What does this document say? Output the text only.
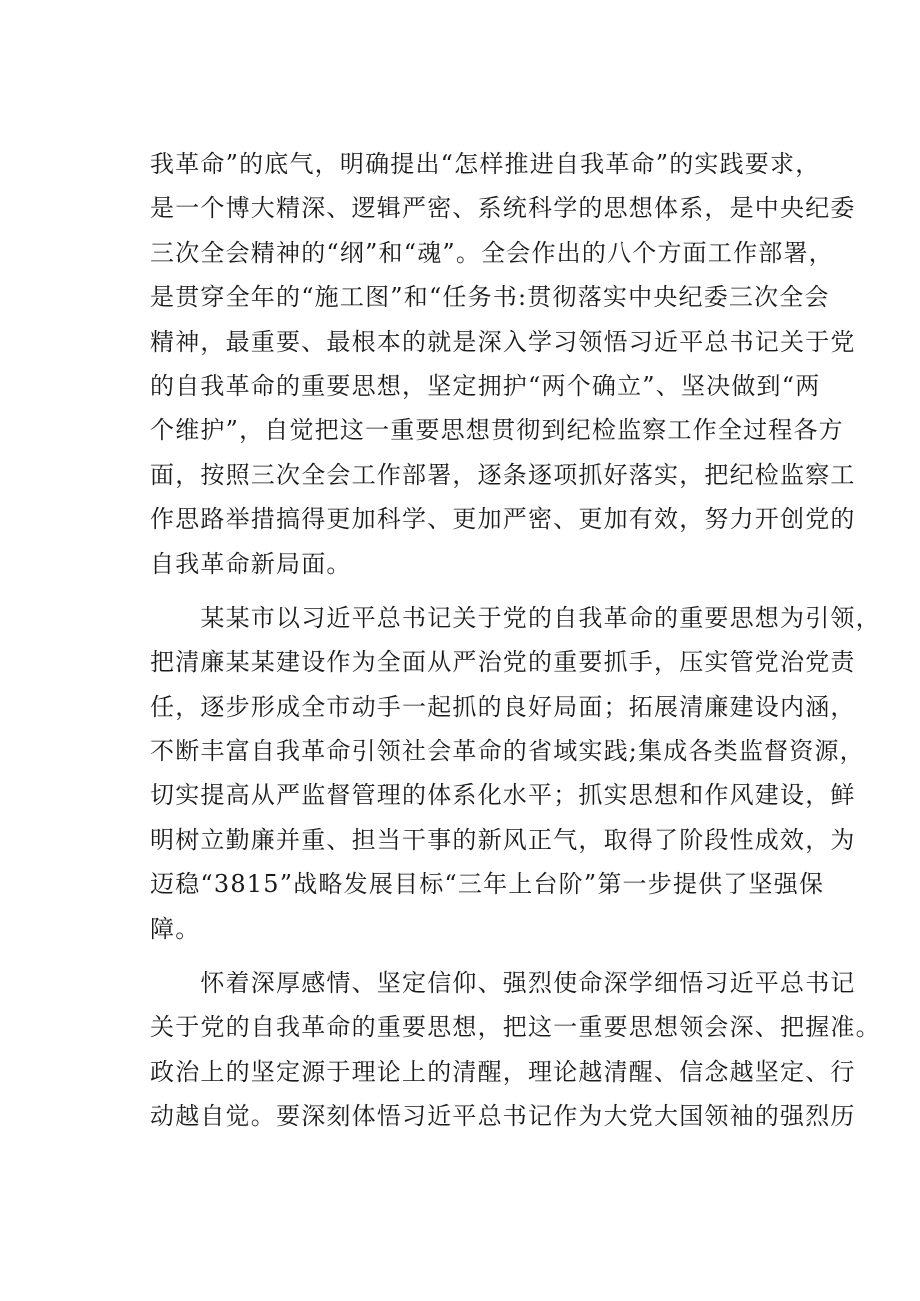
我革命”的底气，明确提出“怎样推进自我革命”的实践要求，
是一个博大精深、逻辑严密、系统科学的思想体系，是中央纪委
三次全会精神的“纲”和“魂”。全会作出的八个方面工作部署，
是贯穿全年的“施工图”和“任务书:贯彻落实中央纪委三次全会
精神，最重要、最根本的就是深入学习领悟习近平总书记关于党
的自我革命的重要思想，坚定拥护“两个确立”、坚决做到“两
个维护”，自觉把这一重要思想贯彻到纪检监察工作全过程各方
面，按照三次全会工作部署，逐条逐项抓好落实，把纪检监察工
作思路举措搞得更加科学、更加严密、更加有效，努力开创党的
自我革命新局面。
　　某某市以习近平总书记关于党的自我革命的重要思想为引领，
把清廉某某建设作为全面从严治党的重要抓手，压实管党治党责
任，逐步形成全市动手一起抓的良好局面；拓展清廉建设内涵，
不断丰富自我革命引领社会革命的省域实践;集成各类监督资源，
切实提高从严监督管理的体系化水平；抓实思想和作风建设，鲜
明树立勤廉并重、担当干事的新风正气，取得了阶段性成效，为
迈稳“3815”战略发展目标“三年上台阶”第一步提供了坚强保
障。
　　怀着深厚感情、坚定信仰、强烈使命深学细悟习近平总书记
关于党的自我革命的重要思想，把这一重要思想领会深、把握准。
政治上的坚定源于理论上的清醒，理论越清醒、信念越坚定、行
动越自觉。要深刻体悟习近平总书记作为大党大国领袖的强烈历
